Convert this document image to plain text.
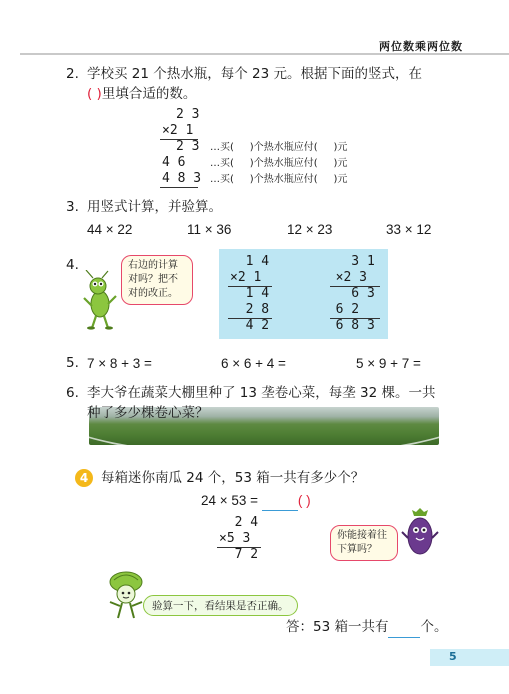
两位数乘两位数
2. 学校买 21 个热水瓶，每个 23 元。根据下面的竖式，在
( )里填合适的数。
2 3
×2 1
2 3
4 6
4 8 3
…买(     )个热水瓶应付(     )元
…买(     )个热水瓶应付(     )元
…买(     )个热水瓶应付(     )元
3. 用竖式计算，并验算。
44 × 22	11 × 36	12 × 23	33 × 12
4.	右边的计算
对吗？把不
对的改正。
1 4
×2 1
1 4
2 8
4 2
3 1
×2 3
6 3
6 2
6 8 3
5. 7 × 8 + 3 =	6 × 6 + 4 =	5 × 9 + 7 =
6. 李大爷在蔬菜大棚里种了 13 垄卷心菜，每垄 32 棵。一共
种了多少棵卷心菜？
4 每箱迷你南瓜 24 个，53 箱一共有多少个？
24 × 53 =	( )
2 4
×5 3
7 2
你能接着往
下算吗？
验算一下，看结果是否正确。
答：53 箱一共有 个。
5
